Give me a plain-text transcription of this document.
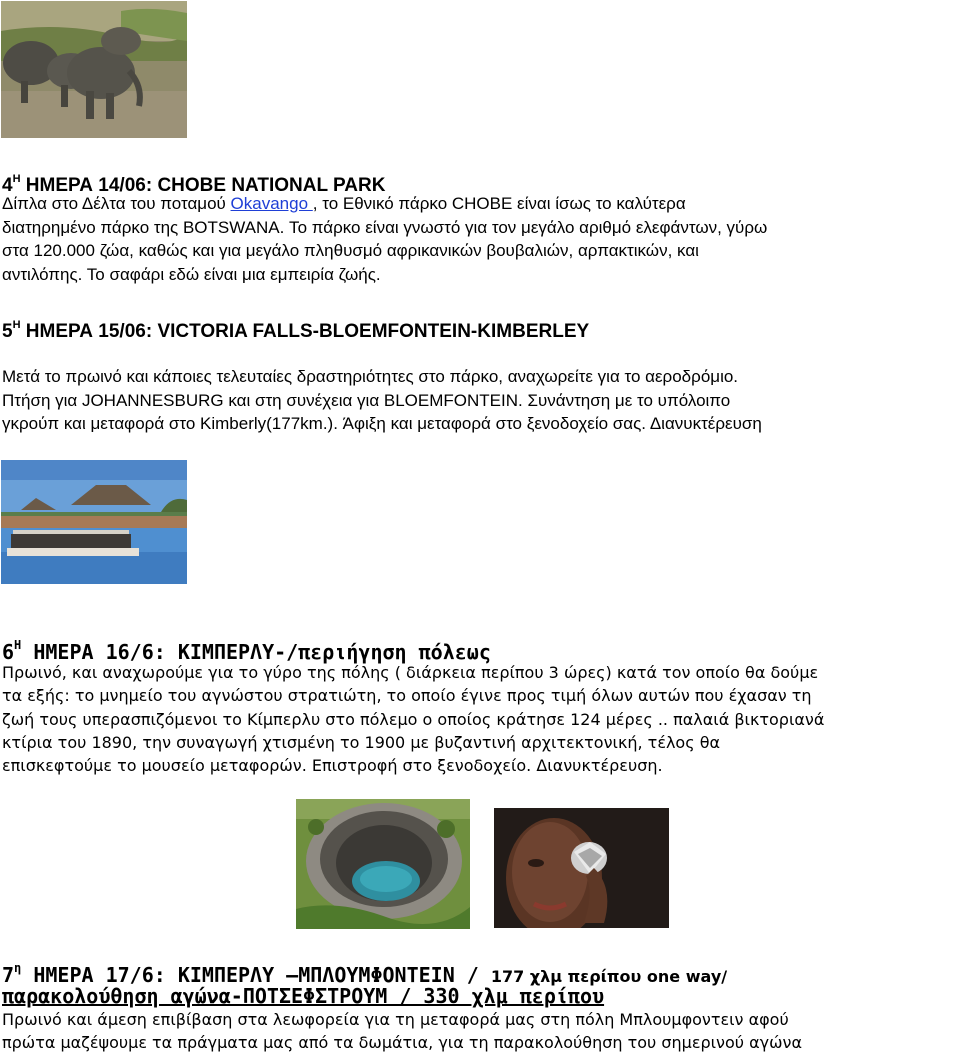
$4^H$ ΗΜΕΡΑ 14/06: CHOBE NATIONAL PARK
Δίπλα στο Δέλτα του ποταμού Okavango , το Εθνικό πάρκο CHOBE είναι ίσως το καλύτερα
διατηρημένο πάρκο της BOTSWANA. Το πάρκο είναι γνωστό για τον μεγάλο αριθμό ελεφάντων, γύρω
στα 120.000 ζώα, καθώς και για μεγάλο πληθυσμό αφρικανικών βουβαλιών, αρπακτικών, και
αντιλόπης. Το σαφάρι εδώ είναι μια εμπειρία ζωής.
$5^H$ ΗΜΕΡΑ 15/06: VICTORIA FALLS-BLOEMFONTEIN-KIMBERLEY
Μετά το πρωινό και κάποιες τελευταίες δραστηριότητες στο πάρκο, αναχωρείτε για το αεροδρόμιο.
Πτήση για JOHANNESBURG και στη συνέχεια για BLOEMFONTEIN. Συνάντηση με το υπόλοιπο
γκρούπ και μεταφορά στο Kimberly(177km.). Άφιξη και μεταφορά στο ξενοδοχείο σας. Διανυκτέρευση
$6^H$ ΗΜΕΡΑ 16/6: ΚΙΜΠΕΡΛΥ-/περιήγηση πόλεως
Πρωινό, και αναχωρούμε για το γύρο της πόλης ( διάρκεια περίπου 3 ώρες) κατά τον οποίο θα δούμε
τα εξής: το μνημείο του αγνώστου στρατιώτη, το οποίο έγινε προς τιμή όλων αυτών που έχασαν τη
ζωή τους υπερασπιζόμενοι το Κίμπερλυ στο πόλεμο ο οποίος κράτησε 124 μέρες .. παλαιά βικτοριανά
κτίρια του 1890, την συναγωγή χτισμένη το 1900 με βυζαντινή αρχιτεκτονική, τέλος θα
επισκεφτούμε το μουσείο μεταφορών. Επιστροφή στο ξενοδοχείο. Διανυκτέρευση.
$7^\eta$ ΗΜΕΡΑ 17/6: ΚΙΜΠΕΡΛΥ –ΜΠΛΟΥΜΦΟΝΤΕΙΝ / 177 χλμ περίπου one way/
παρακολούθηση αγώνα-ΠΟΤΣΕΦΣΤΡΟΥΜ / 330 χλμ περίπου
Πρωινό και άμεση επιβίβαση στα λεωφορεία για τη μεταφορά μας στη πόλη Μπλουμφοντειν αφού
πρώτα μαζέψουμε τα πράγματα μας από τα δωμάτια, για τη παρακολούθηση του σημερινού αγώνα
